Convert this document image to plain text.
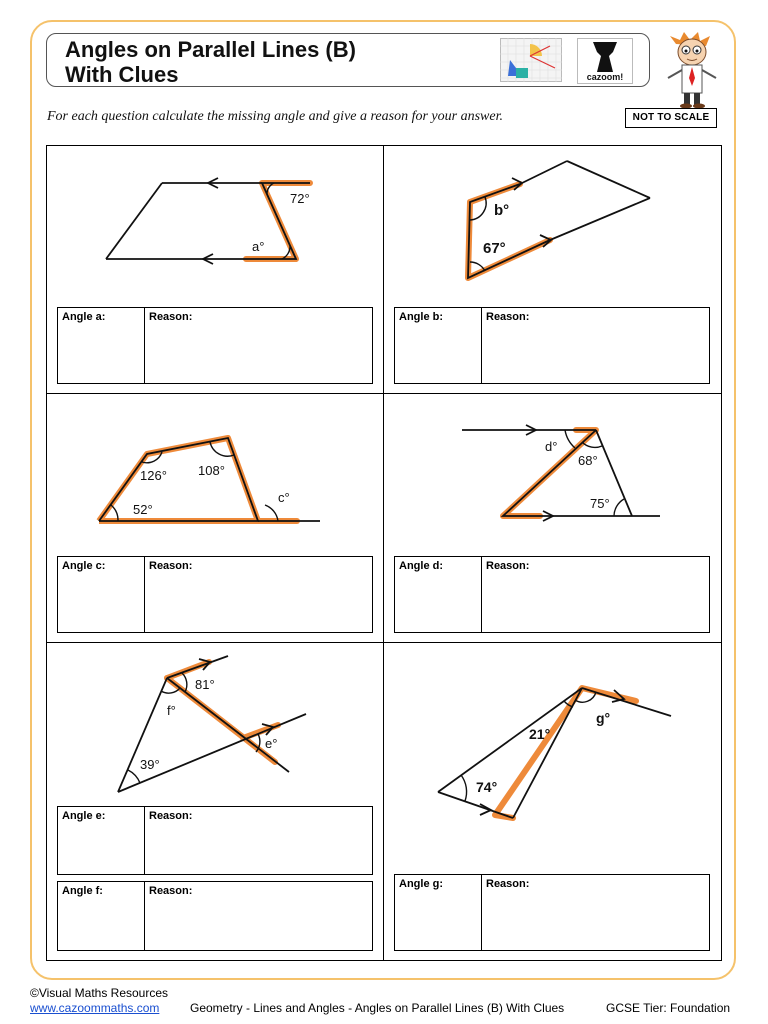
Angles on Parallel Lines (B)
With Clues	cazoom!

For each question calculate the missing angle and give a reason for your answer.	NOT TO SCALE
72°
a°
b°
67°
126° 108°
52°
c°
d°
68°
75°
81°
f°
39°
e°
21°
74°
g°
Angle a:	Reason:	Angle b:	Reason:
Angle c:	Reason:	Angle d:	Reason:
Angle e:	Reason:
Angle f:	Reason:
Angle g:	Reason:
©Visual Maths Resources
www.cazoommaths.com	Geometry - Lines and Angles - Angles on Parallel Lines (B) With Clues	GCSE Tier: Foundation
